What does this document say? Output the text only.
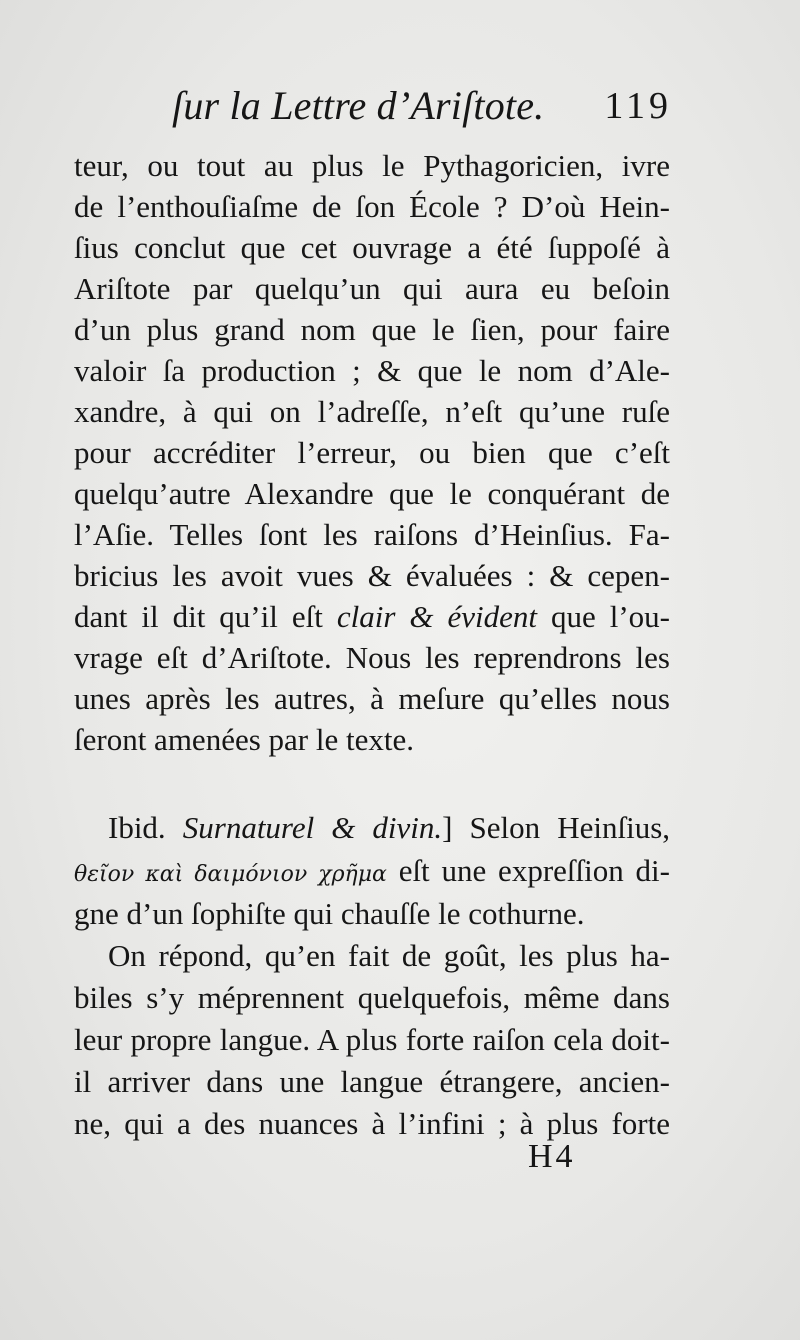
ſur la Lettre d’Ariſtote. 119
teur, ou tout au plus le Pythagoricien, ivre
de l’enthouſiaſme de ſon École ? D’où Hein-
ſius conclut que cet ouvrage a été ſuppoſé à
Ariſtote par quelqu’un qui aura eu beſoin
d’un plus grand nom que le ſien, pour faire
valoir ſa production ; & que le nom d’Ale-
xandre, à qui on l’adreſſe, n’eſt qu’une ruſe
pour accréditer l’erreur, ou bien que c’eſt
quelqu’autre Alexandre que le conquérant de
l’Aſie. Telles ſont les raiſons d’Heinſius. Fa-
bricius les avoit vues & évaluées : & cepen-
dant il dit qu’il eſt clair & évident que l’ou-
vrage eſt d’Ariſtote. Nous les reprendrons les
unes après les autres, à meſure qu’elles nous
ſeront amenées par le texte.
Ibid. Surnaturel & divin.] Selon Heinſius,
θεῖον καὶ δαιμόνιον χρῆμα eſt une expreſſion di-
gne d’un ſophiſte qui chauſſe le cothurne.
On répond, qu’en fait de goût, les plus ha-
biles s’y méprennent quelquefois, même dans
leur propre langue. A plus forte raiſon cela doit-
il arriver dans une langue étrangere, ancien-
ne, qui a des nuances à l’infini ; à plus forte
H4
